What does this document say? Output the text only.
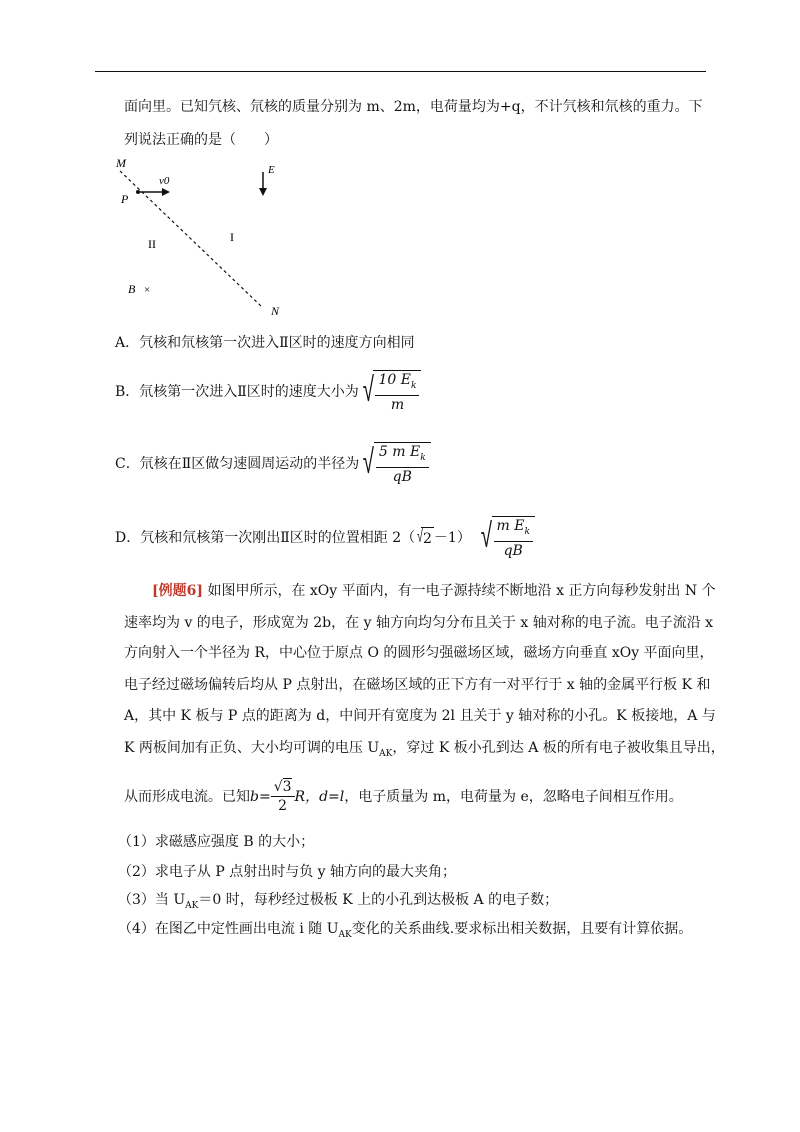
面向里。已知氕核、氘核的质量分别为 m、2m，电荷量均为+q，不计氕核和氘核的重力。下
列说法正确的是（　　）
M
v0
E
P
I
II
B ×
N
A．氕核和氘核第一次进入Ⅱ区时的速度方向相同
B．氘核第一次进入Ⅱ区时的速度大小为 √ $\frac{10 E_k}{m}$
C．氘核在Ⅱ区做匀速圆周运动的半径为 √ $\frac{5 m E_k}{qB}$
D．氕核和氘核第一次刚出Ⅱ区时的位置相距 2（ √ 2 －1） √ $\frac{m E_k}{qB}$
[例题6] 如图甲所示，在 xOy 平面内，有一电子源持续不断地沿 x 正方向每秒发射出 N 个
速率均为 v 的电子，形成宽为 2b，在 y 轴方向均匀分布且关于 x 轴对称的电子流。电子流沿 x
方向射入一个半径为 R，中心位于原点 O 的圆形匀强磁场区域，磁场方向垂直 xOy 平面向里，
电子经过磁场偏转后均从 P 点射出，在磁场区域的正下方有一对平行于 x 轴的金属平行板 K 和
A，其中 K 板与 P 点的距离为 d，中间开有宽度为 2l 且关于 y 轴对称的小孔。K 板接地，A 与
K 两板间加有正负、大小均可调的电压 $U_{AK}$，穿过 K 板小孔到达 A 板的所有电子被收集且导出，
从而形成电流。已知 $b = \frac{√ 3}{2}$ R ，d=l ，电子质量为 m，电荷量为 e，忽略电子间相互作用。
（1）求磁感应强度 B 的大小；
（2）求电子从 P 点射出时与负 y 轴方向的最大夹角；
（3）当 $U_{AK}=0$ 时，每秒经过极板 K 上的小孔到达极板 A 的电子数；
（4）在图乙中定性画出电流 i 随 $U_{AK}$变化的关系曲线.要求标出相关数据，且要有计算依据。
